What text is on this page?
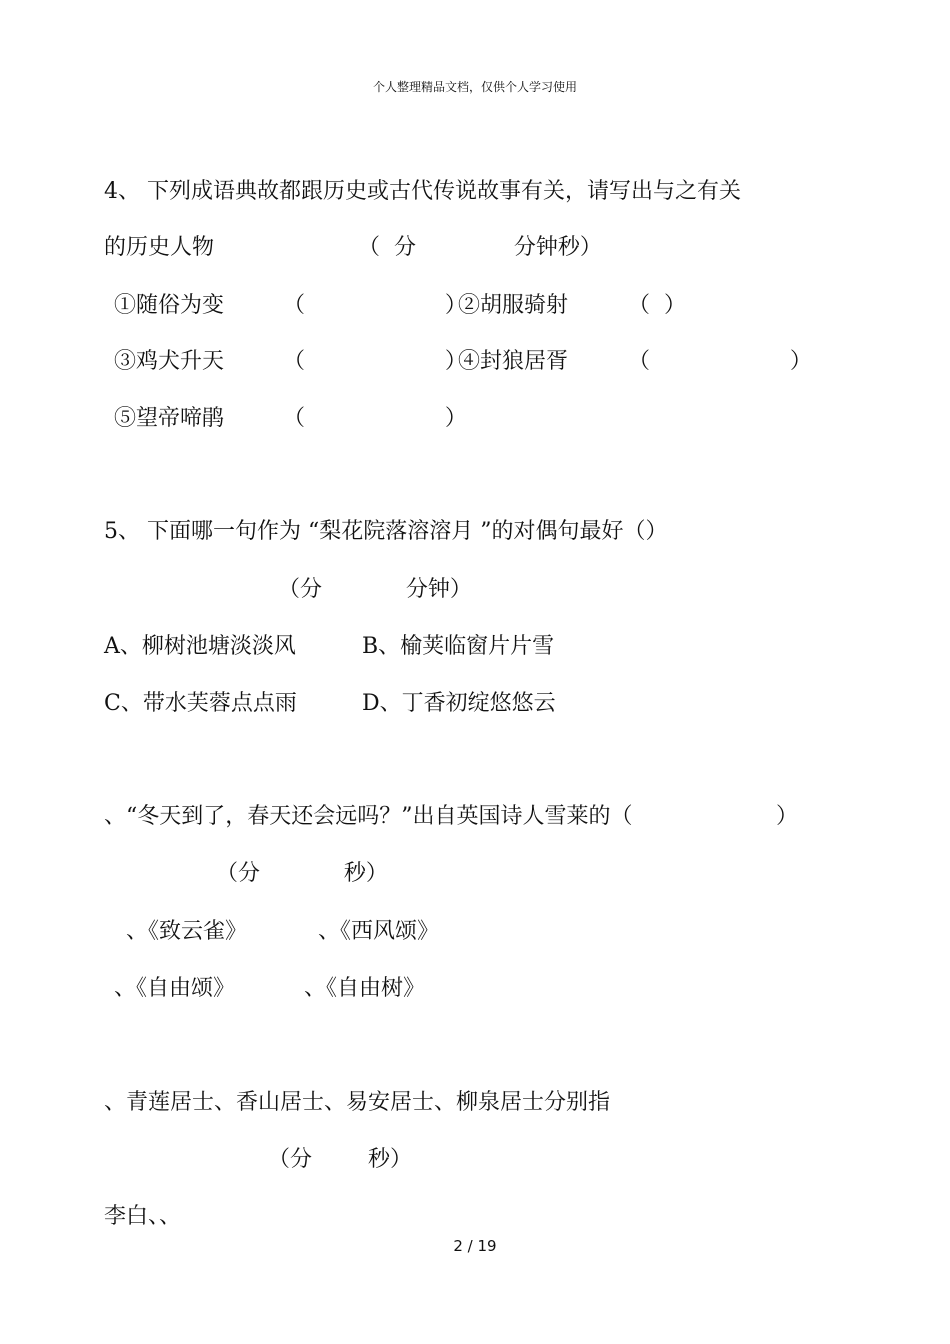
个人整理精品文档，仅供个人学习使用
4、 下列成语典故都跟历史或古代传说故事有关，请写出与之有关
的历史人物	（  分              分钟秒）
①随俗为变	（                    ）
②胡服骑射	（  ）
③鸡犬升天	（                    ）
④封狼居胥	（                    ）
⑤望帝啼鹃	（                    ）
5、 下面哪一句作为 “梨花院落溶溶月 ”的对偶句最好（）
（分            分钟）
A、柳树池塘淡淡风	B、榆荚临窗片片雪
C、带水芙蓉点点雨	D、丁香初绽悠悠云
、“冬天到了，春天还会远吗？”出自英国诗人雪莱的（	）
（分            秒）
、《致云雀》	、《西风颂》
、《自由颂》	、《自由树》
、青莲居士、香山居士、易安居士、柳泉居士分别指
（分        秒）
李白、、
2 / 19
